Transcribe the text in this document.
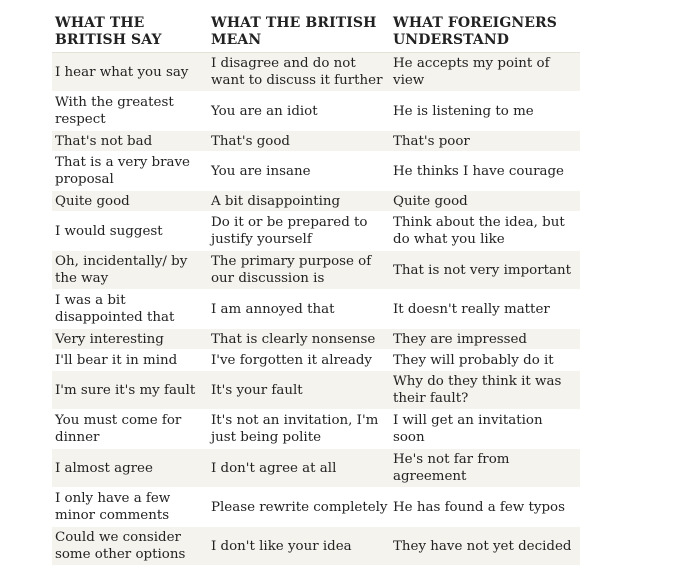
WHAT THE BRITISH SAY	WHAT THE BRITISH MEAN	WHAT FOREIGNERS UNDERSTAND
I hear what you say	I disagree and do not want to discuss it further	He accepts my point of view
With the greatest respect	You are an idiot	He is listening to me
That's not bad	That's good	That's poor
That is a very brave proposal	You are insane	He thinks I have courage
Quite good	A bit disappointing	Quite good
I would suggest	Do it or be prepared to justify yourself	Think about the idea, but do what you like
Oh, incidentally/ by the way	The primary purpose of our discussion is	That is not very important
I was a bit disappointed that	I am annoyed that	It doesn't really matter
Very interesting	That is clearly nonsense	They are impressed
I'll bear it in mind	I've forgotten it already	They will probably do it
I'm sure it's my fault	It's your fault	Why do they think it was their fault?
You must come for dinner	It's not an invitation, I'm just being polite	I will get an invitation soon
I almost agree	I don't agree at all	He's not far from agreement
I only have a few minor comments	Please rewrite completely	He has found a few typos
Could we consider some other options	I don't like your idea	They have not yet decided
